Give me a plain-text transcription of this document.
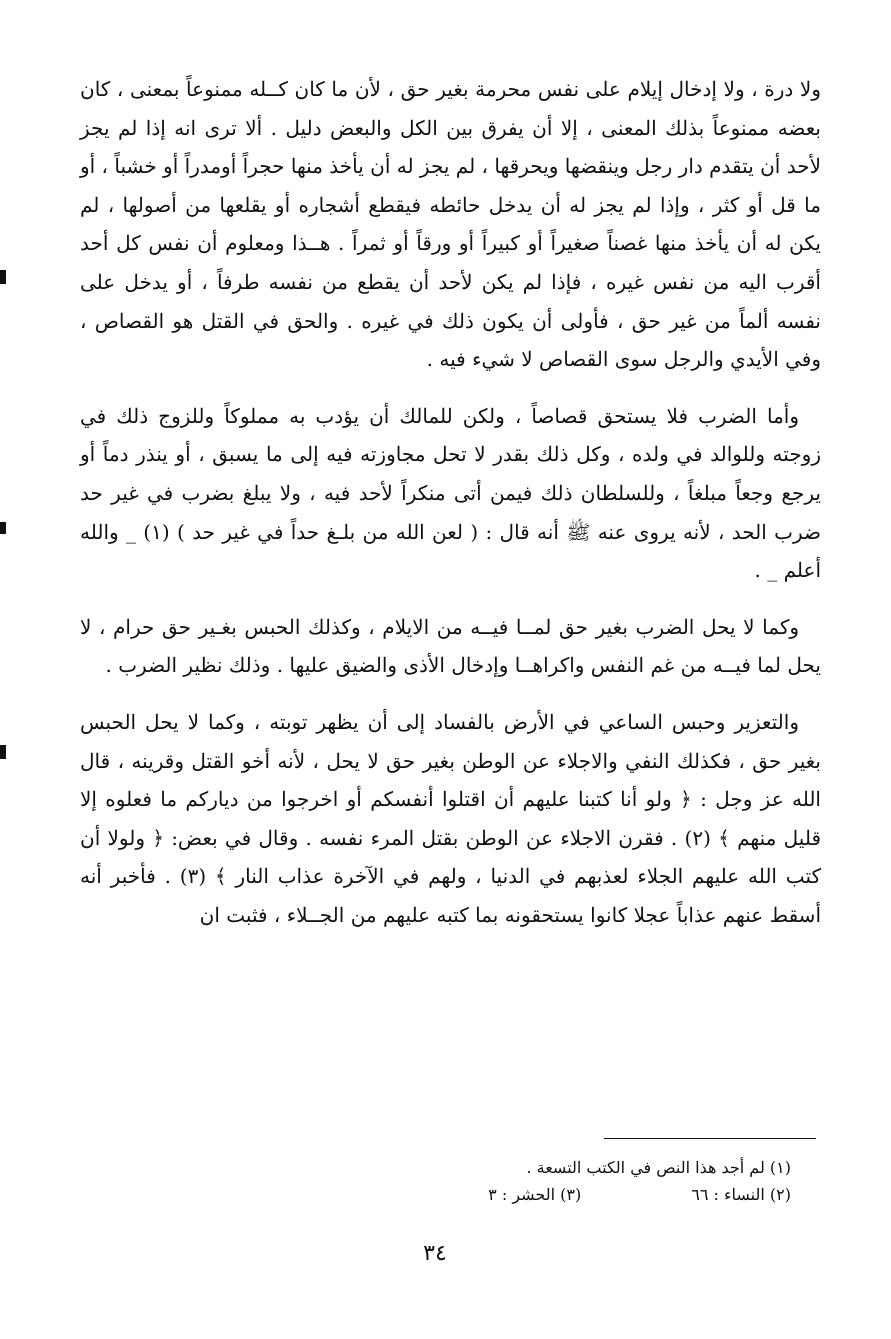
ولا درة ، ولا إدخال إيلام على نفس محرمة بغير حق ، لأن ما كان كــله ممنوعاً بمعنى ، كان بعضه ممنوعاً بذلك المعنى ، إلا أن يفرق بين الكل والبعض دليل . ألا ترى انه إذا لم يجز لأحد أن يتقدم دار رجل وينقضها ويحرقها ، لم يجز له أن يأخذ منها حجراً أومدراً أو خشباً ، أو ما قل أو كثر ، وإذا لم يجز له أن يدخل حائطه فيقطع أشجاره أو يقلعها من أصولها ، لم يكن له أن يأخذ منها غصناً صغيراً أو كبيراً أو ورقاً أو ثمراً . هــذا ومعلوم أن نفس كل أحد أقرب اليه من نفس غيره ، فإذا لم يكن لأحد أن يقطع من نفسه طرفاً ، أو يدخل على نفسه ألماً من غير حق ، فأولى أن يكون ذلك في غيره . والحق في القتل هو القصاص ، وفي الأيدي والرجل سوى القصاص لا شيء فيه .

وأما الضرب فلا يستحق قصاصاً ، ولكن للمالك أن يؤدب به مملوكاً وللزوج ذلك في زوجته وللوالد في ولده ، وكل ذلك بقدر لا تحل مجاوزته فيه إلى ما يسبق ، أو ينذر دماً أو يرجع وجعاً مبلغاً ، وللسلطان ذلك فيمن أتى منكراً لأحد فيه ، ولا يبلغ بضرب في غير حد ضرب الحد ، لأنه يروى عنه ﷺ أنه قال : ( لعن الله من بلـغ حداً في غير حد ) (١) _ والله أعلم _ .

وكما لا يحل الضرب بغير حق لمــا فيــه من الايلام ، وكذلك الحبس بغـير حق حرام ، لا يحل لما فيــه من غم النفس واكراهــا وإدخال الأذى والضيق عليها . وذلك نظير الضرب .

والتعزير وحبس الساعي في الأرض بالفساد إلى أن يظهر توبته ، وكما لا يحل الحبس بغير حق ، فكذلك النفي والاجلاء عن الوطن بغير حق لا يحل ، لأنه أخو القتل وقرينه ، قال الله عز وجل : ﴿ ولو أنا كتبنا عليهم أن اقتلوا أنفسكم أو اخرجوا من دياركم ما فعلوه إلا قليل منهم ﴾ (٢) . فقرن الاجلاء عن الوطن بقتل المرء نفسه . وقال في بعض: ﴿ ولولا أن كتب الله عليهم الجلاء لعذبهم في الدنيا ، ولهم في الآخرة عذاب النار ﴾ (٣) . فأخبر أنه أسقط عنهم عذاباً عجلا كانوا يستحقونه بما كتبه عليهم من الجــلاء ، فثبت ان

(١) لم أجد هذا النص في الكتب التسعة .
(٢) النساء : ٦٦
(٣) الحشر : ٣
٣٤
